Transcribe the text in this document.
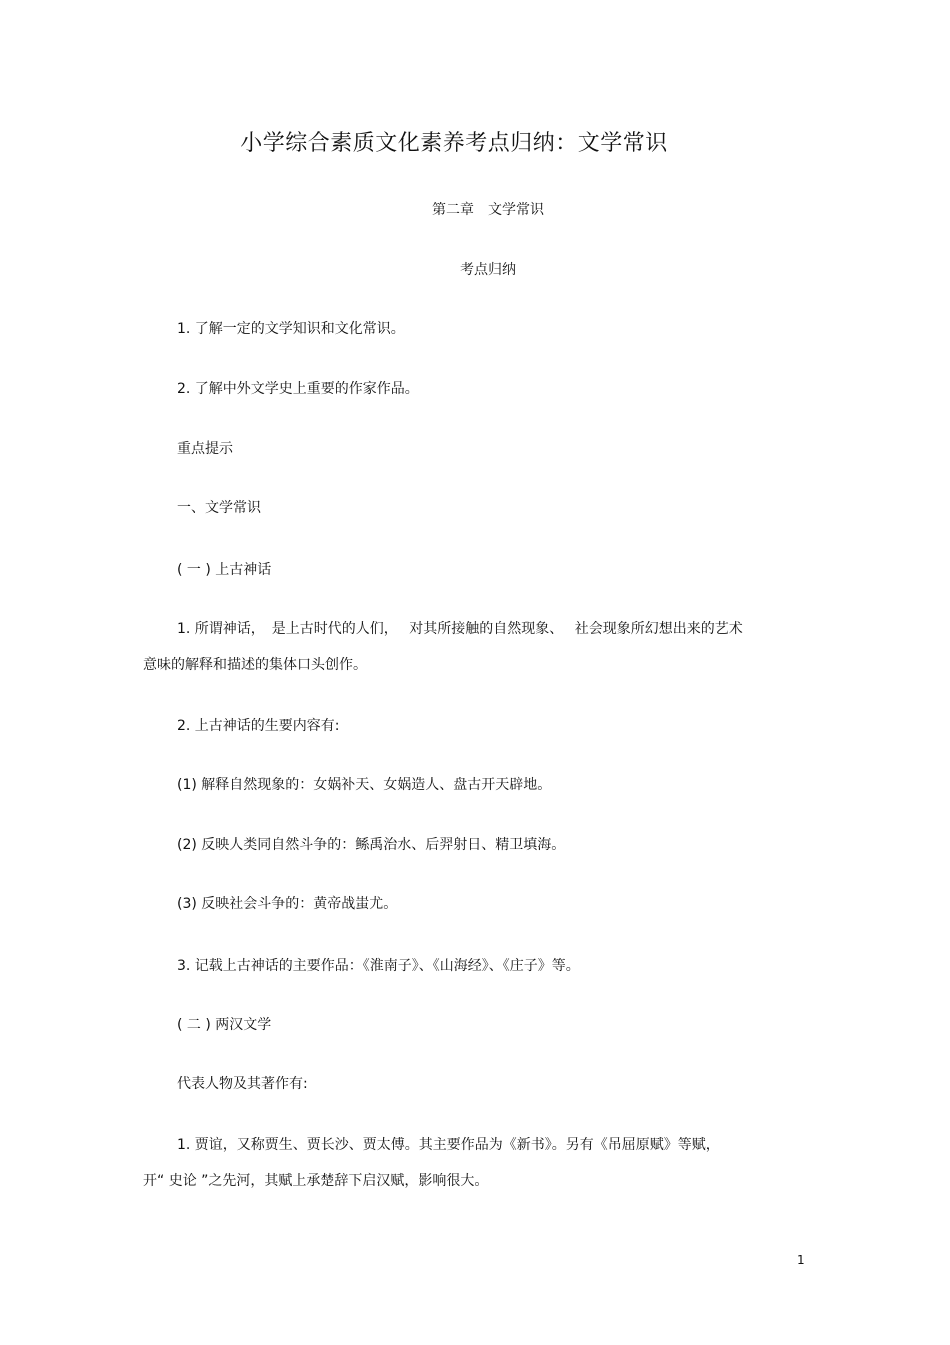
小学综合素质文化素养考点归纳：文学常识
第二章　文学常识
考点归纳
1. 了解一定的文学知识和文化常识。
2. 了解中外文学史上重要的作家作品。
重点提示
一、文学常识
( 一 ) 上古神话
1. 所谓神话，　是上古时代的人们，　 对其所接触的自然现象、　 社会现象所幻想出来的艺术
意味的解释和描述的集体口头创作。
2. 上古神话的生要内容有:
(1) 解释自然现象的：女娲补天、女娲造人、盘古开天辟地。
(2) 反映人类同自然斗争的：鲧禹治水、后羿射日、精卫填海。
(3) 反映社会斗争的：黄帝战蚩尤。
3. 记载上古神话的主要作品：《淮南子》、《山海经》、《庄子》等。
( 二 ) 两汉文学
代表人物及其著作有:
1. 贾谊，又称贾生、贾长沙、贾太傅。其主要作品为《新书》。另有《吊屈原赋》等赋，
开“ 史论 ”之先河，其赋上承楚辞下启汉赋，影响很大。
1
